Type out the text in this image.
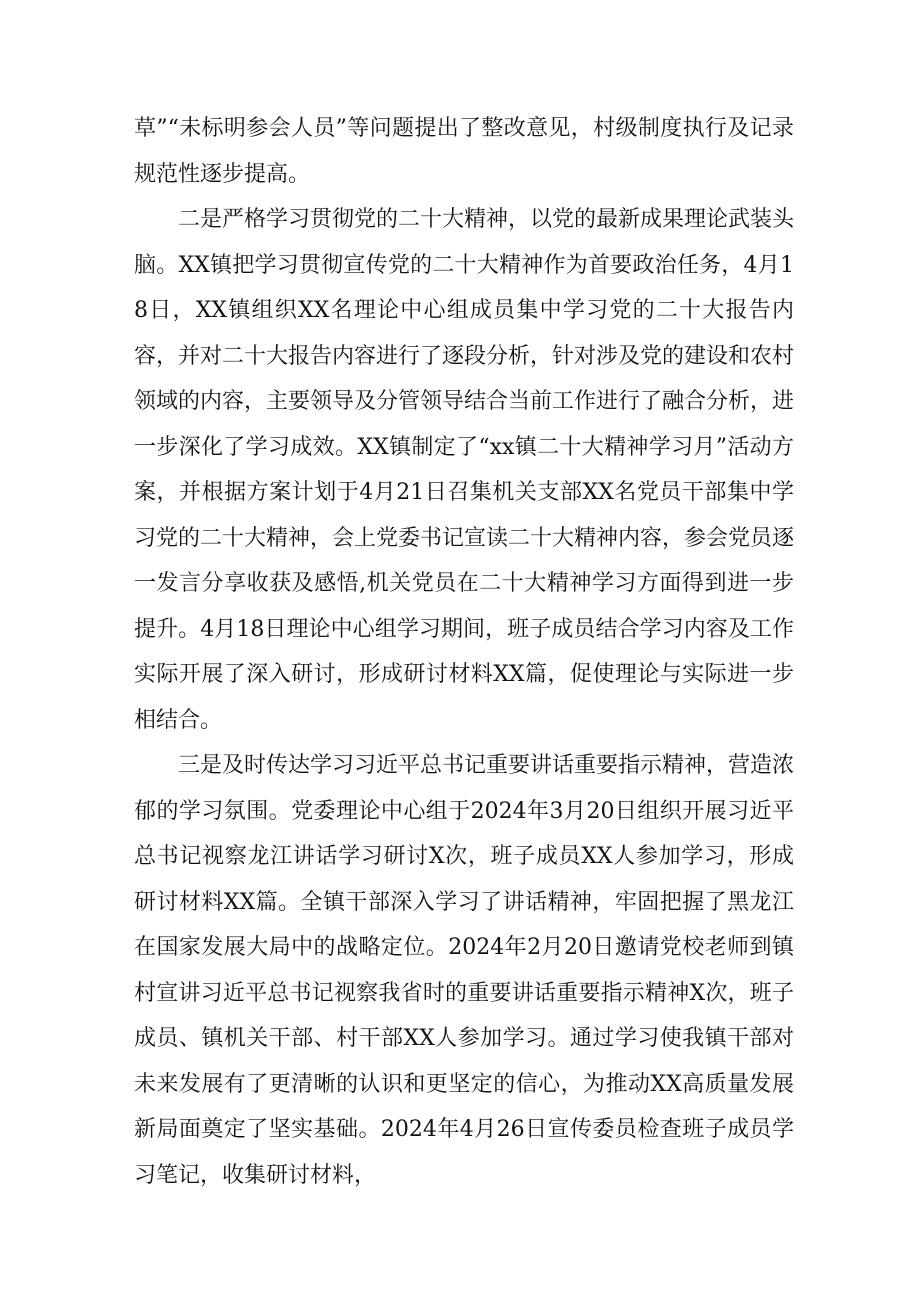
草”“未标明参会人员”等问题提出了整改意见，村级制度执行及记录规范性逐步提高。

二是严格学习贯彻党的二十大精神，以党的最新成果理论武装头脑。XX镇把学习贯彻宣传党的二十大精神作为首要政治任务，4月18日，XX镇组织XX名理论中心组成员集中学习党的二十大报告内容，并对二十大报告内容进行了逐段分析，针对涉及党的建设和农村领域的内容，主要领导及分管领导结合当前工作进行了融合分析，进一步深化了学习成效。XX镇制定了“xx镇二十大精神学习月”活动方案，并根据方案计划于4月21日召集机关支部XX名党员干部集中学习党的二十大精神，会上党委书记宣读二十大精神内容，参会党员逐一发言分享收获及感悟,机关党员在二十大精神学习方面得到进一步提升。4月18日理论中心组学习期间，班子成员结合学习内容及工作实际开展了深入研讨，形成研讨材料XX篇，促使理论与实际进一步相结合。

三是及时传达学习习近平总书记重要讲话重要指示精神，营造浓郁的学习氛围。党委理论中心组于2024年3月20日组织开展习近平总书记视察龙江讲话学习研讨X次，班子成员XX人参加学习，形成研讨材料XX篇。全镇干部深入学习了讲话精神，牢固把握了黑龙江在国家发展大局中的战略定位。2024年2月20日邀请党校老师到镇村宣讲习近平总书记视察我省时的重要讲话重要指示精神X次，班子成员、镇机关干部、村干部XX人参加学习。通过学习使我镇干部对未来发展有了更清晰的认识和更坚定的信心，为推动XX高质量发展新局面奠定了坚实基础。2024年4月26日宣传委员检查班子成员学习笔记，收集研讨材料，
